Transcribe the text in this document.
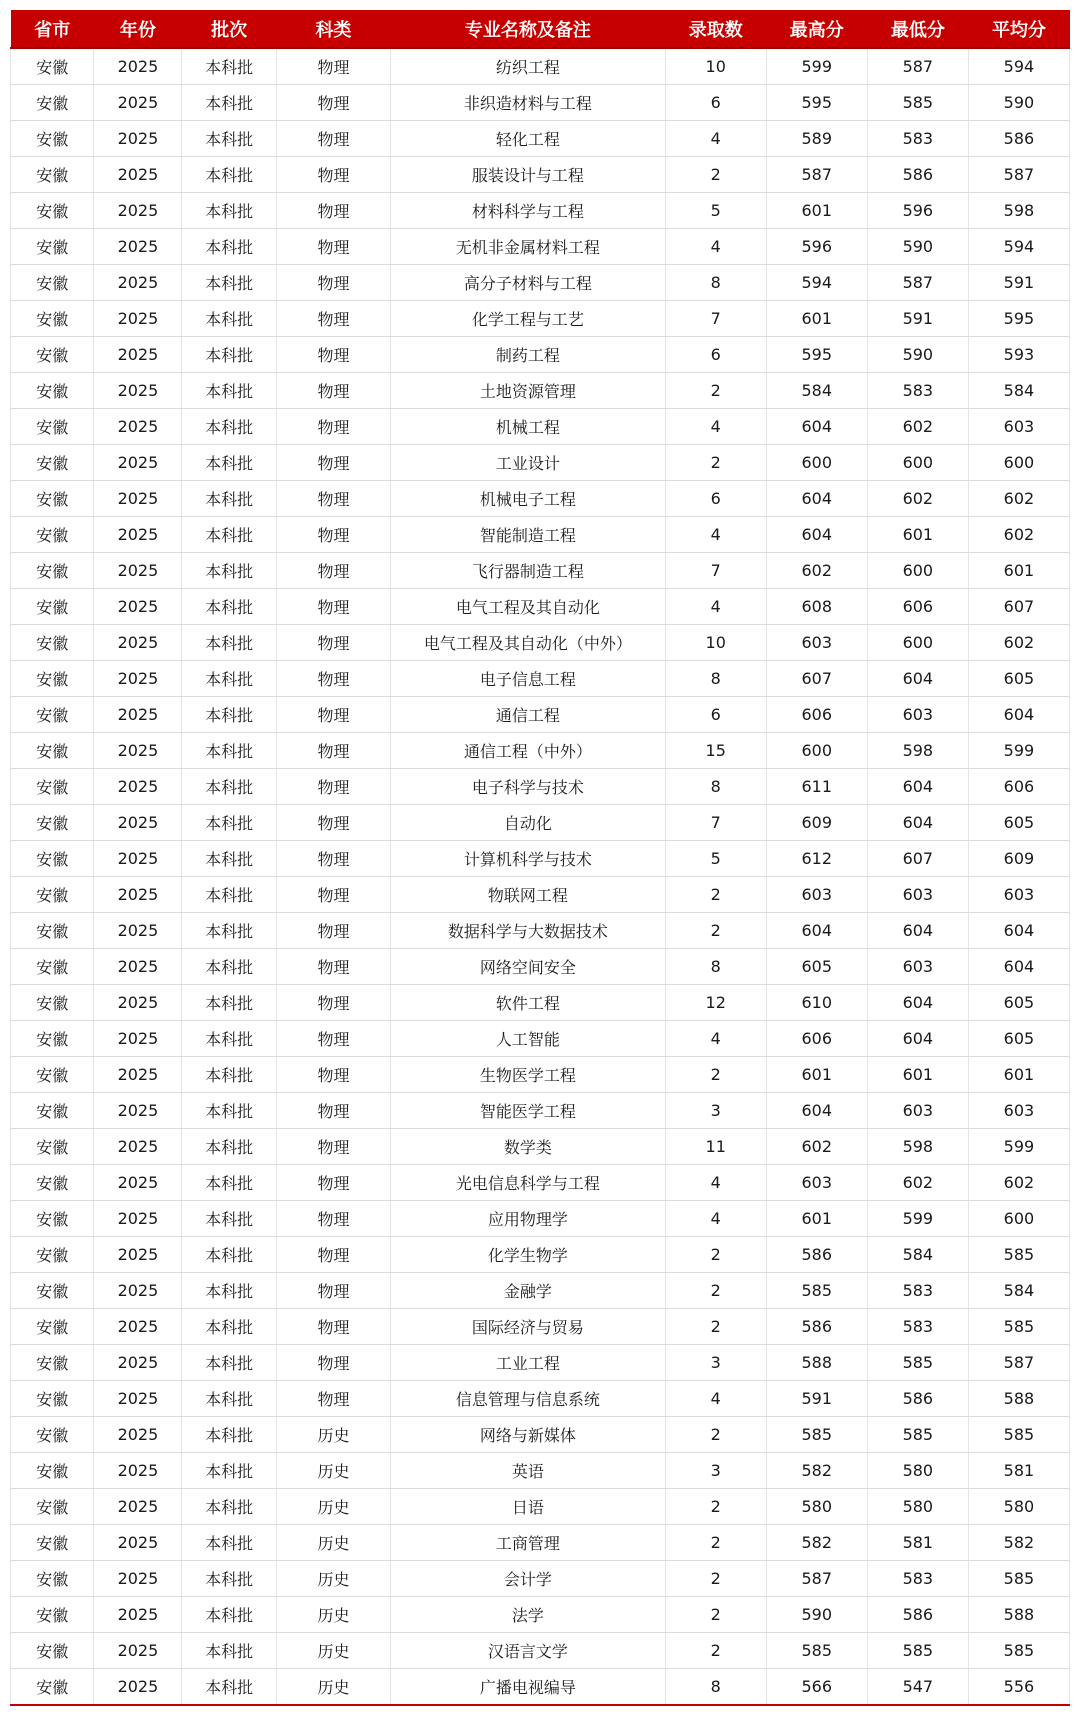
省市	年份	批次	科类	专业名称及备注	录取数	最高分	最低分	平均分
安徽	2025	本科批	物理	纺织工程	10	599	587	594
安徽	2025	本科批	物理	非织造材料与工程	6	595	585	590
安徽	2025	本科批	物理	轻化工程	4	589	583	586
安徽	2025	本科批	物理	服装设计与工程	2	587	586	587
安徽	2025	本科批	物理	材料科学与工程	5	601	596	598
安徽	2025	本科批	物理	无机非金属材料工程	4	596	590	594
安徽	2025	本科批	物理	高分子材料与工程	8	594	587	591
安徽	2025	本科批	物理	化学工程与工艺	7	601	591	595
安徽	2025	本科批	物理	制药工程	6	595	590	593
安徽	2025	本科批	物理	土地资源管理	2	584	583	584
安徽	2025	本科批	物理	机械工程	4	604	602	603
安徽	2025	本科批	物理	工业设计	2	600	600	600
安徽	2025	本科批	物理	机械电子工程	6	604	602	602
安徽	2025	本科批	物理	智能制造工程	4	604	601	602
安徽	2025	本科批	物理	飞行器制造工程	7	602	600	601
安徽	2025	本科批	物理	电气工程及其自动化	4	608	606	607
安徽	2025	本科批	物理	电气工程及其自动化（中外）	10	603	600	602
安徽	2025	本科批	物理	电子信息工程	8	607	604	605
安徽	2025	本科批	物理	通信工程	6	606	603	604
安徽	2025	本科批	物理	通信工程（中外）	15	600	598	599
安徽	2025	本科批	物理	电子科学与技术	8	611	604	606
安徽	2025	本科批	物理	自动化	7	609	604	605
安徽	2025	本科批	物理	计算机科学与技术	5	612	607	609
安徽	2025	本科批	物理	物联网工程	2	603	603	603
安徽	2025	本科批	物理	数据科学与大数据技术	2	604	604	604
安徽	2025	本科批	物理	网络空间安全	8	605	603	604
安徽	2025	本科批	物理	软件工程	12	610	604	605
安徽	2025	本科批	物理	人工智能	4	606	604	605
安徽	2025	本科批	物理	生物医学工程	2	601	601	601
安徽	2025	本科批	物理	智能医学工程	3	604	603	603
安徽	2025	本科批	物理	数学类	11	602	598	599
安徽	2025	本科批	物理	光电信息科学与工程	4	603	602	602
安徽	2025	本科批	物理	应用物理学	4	601	599	600
安徽	2025	本科批	物理	化学生物学	2	586	584	585
安徽	2025	本科批	物理	金融学	2	585	583	584
安徽	2025	本科批	物理	国际经济与贸易	2	586	583	585
安徽	2025	本科批	物理	工业工程	3	588	585	587
安徽	2025	本科批	物理	信息管理与信息系统	4	591	586	588
安徽	2025	本科批	历史	网络与新媒体	2	585	585	585
安徽	2025	本科批	历史	英语	3	582	580	581
安徽	2025	本科批	历史	日语	2	580	580	580
安徽	2025	本科批	历史	工商管理	2	582	581	582
安徽	2025	本科批	历史	会计学	2	587	583	585
安徽	2025	本科批	历史	法学	2	590	586	588
安徽	2025	本科批	历史	汉语言文学	2	585	585	585
安徽	2025	本科批	历史	广播电视编导	8	566	547	556
